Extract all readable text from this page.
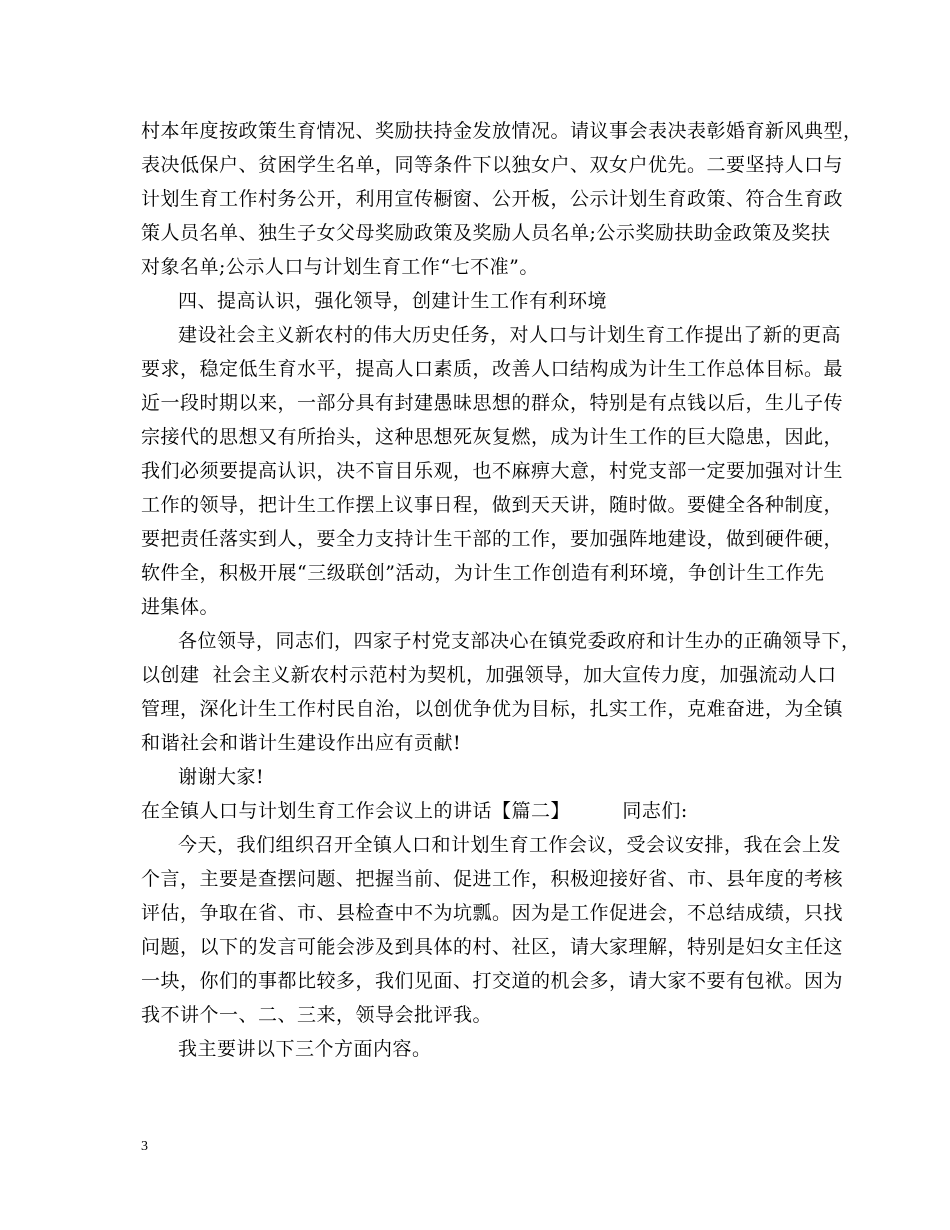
村本年度按政策生育情况、奖励扶持金发放情况。请议事会表决表彰婚育新风典型，
表决低保户、贫困学生名单，同等条件下以独女户、双女户优先。二要坚持人口与
计划生育工作村务公开，利用宣传橱窗、公开板，公示计划生育政策、符合生育政
策人员名单、独生子女父母奖励政策及奖励人员名单;公示奖励扶助金政策及奖扶
对象名单;公示人口与计划生育工作“七不准”。
四、提高认识，强化领导，创建计生工作有利环境
建设社会主义新农村的伟大历史任务，对人口与计划生育工作提出了新的更高
要求，稳定低生育水平，提高人口素质，改善人口结构成为计生工作总体目标。最
近一段时期以来，一部分具有封建愚昧思想的群众，特别是有点钱以后，生儿子传
宗接代的思想又有所抬头，这种思想死灰复燃，成为计生工作的巨大隐患，因此，
我们必须要提高认识，决不盲目乐观，也不麻痹大意，村党支部一定要加强对计生
工作的领导，把计生工作摆上议事日程，做到天天讲，随时做。要健全各种制度，
要把责任落实到人，要全力支持计生干部的工作，要加强阵地建设，做到硬件硬，
软件全，积极开展“三级联创”活动，为计生工作创造有利环境，争创计生工作先
进集体。
各位领导，同志们，四家子村党支部决心在镇党委政府和计生办的正确领导下，
以创建  社会主义新农村示范村为契机，加强领导，加大宣传力度，加强流动人口
管理，深化计生工作村民自治，以创优争优为目标，扎实工作，克难奋进，为全镇
和谐社会和谐计生建设作出应有贡献!
谢谢大家!
在全镇人口与计划生育工作会议上的讲话【篇二】        同志们:
今天，我们组织召开全镇人口和计划生育工作会议，受会议安排，我在会上发
个言，主要是查摆问题、把握当前、促进工作，积极迎接好省、市、县年度的考核
评估，争取在省、市、县检查中不为坑瓢。因为是工作促进会，不总结成绩，只找
问题，以下的发言可能会涉及到具体的村、社区，请大家理解，特别是妇女主任这
一块，你们的事都比较多，我们见面、打交道的机会多，请大家不要有包袱。因为
我不讲个一、二、三来，领导会批评我。
我主要讲以下三个方面内容。
3
